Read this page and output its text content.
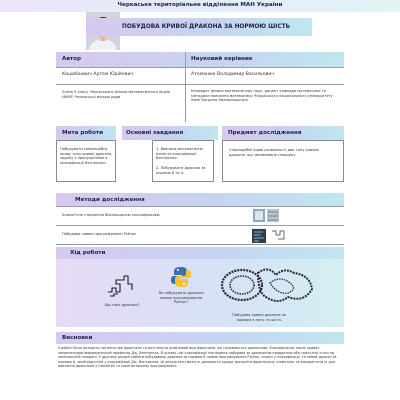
Черкаське територіальне відділення МАН України
ПОБУДОВА КРИВОЇ ДРАКОНА ЗА НОРМОЮ ШІСТЬ
Автор	Науковий керівник
Коцюбахвич Артем Юрійович	Атаманюк Володимир Васильович
Учень 9 класу Черкаського фізико-математичного ліцею (ФМЛ) Черкаської міської ради
Кандидат фізико-математичних наук, доцент кафедри математики та методики навчання математики Черкаського національного університету імені Богдана Хмельницького
Мета роботи
Побудувати самоподібну криву типу кривої дракона, задану з припущенням в класифікації Вентрелли
Основні завдання
1. Вивчити математичне поняття класифікації Вентрелли.
2. Побудувати дракона за нормою 6 та 4.
Предмет дослідження
Самоподібні криві розмірності два типу кривих дракона, що заповнюють площину.
Методи дослідження
Аналогічне створення біоплощиною класифікацією
Побудова новою програмуванні Python
Хід роботи
Що таке дракони?
Як побудувати дракона новою програмування Python?
Побудова кривої дракона за нормою в пять та шість
Висновки
У роботі було розкрито питання про фрактали та розглянуто особливий вид фракталів, які називаються драконами. Класифікацію таких кривих запропонував американський професор Дж. Вентрелла. В основу цієї класифікації покладена побудова за допомогою квадратної або трикутної сітки на комплексній площині. У другому розділі роботи побудовано дракона за нормою 6 новою програмування Python, кожен у класифікації, та новий дракон за нормою 6, який відсутній у класифікації Дж. Вентрелли. Ці результати можуть допомогти краще зрозуміти фрактальну геометрію та використати їх для вивчення фракталів у геометрії та комп'ютерному програмуванні.
